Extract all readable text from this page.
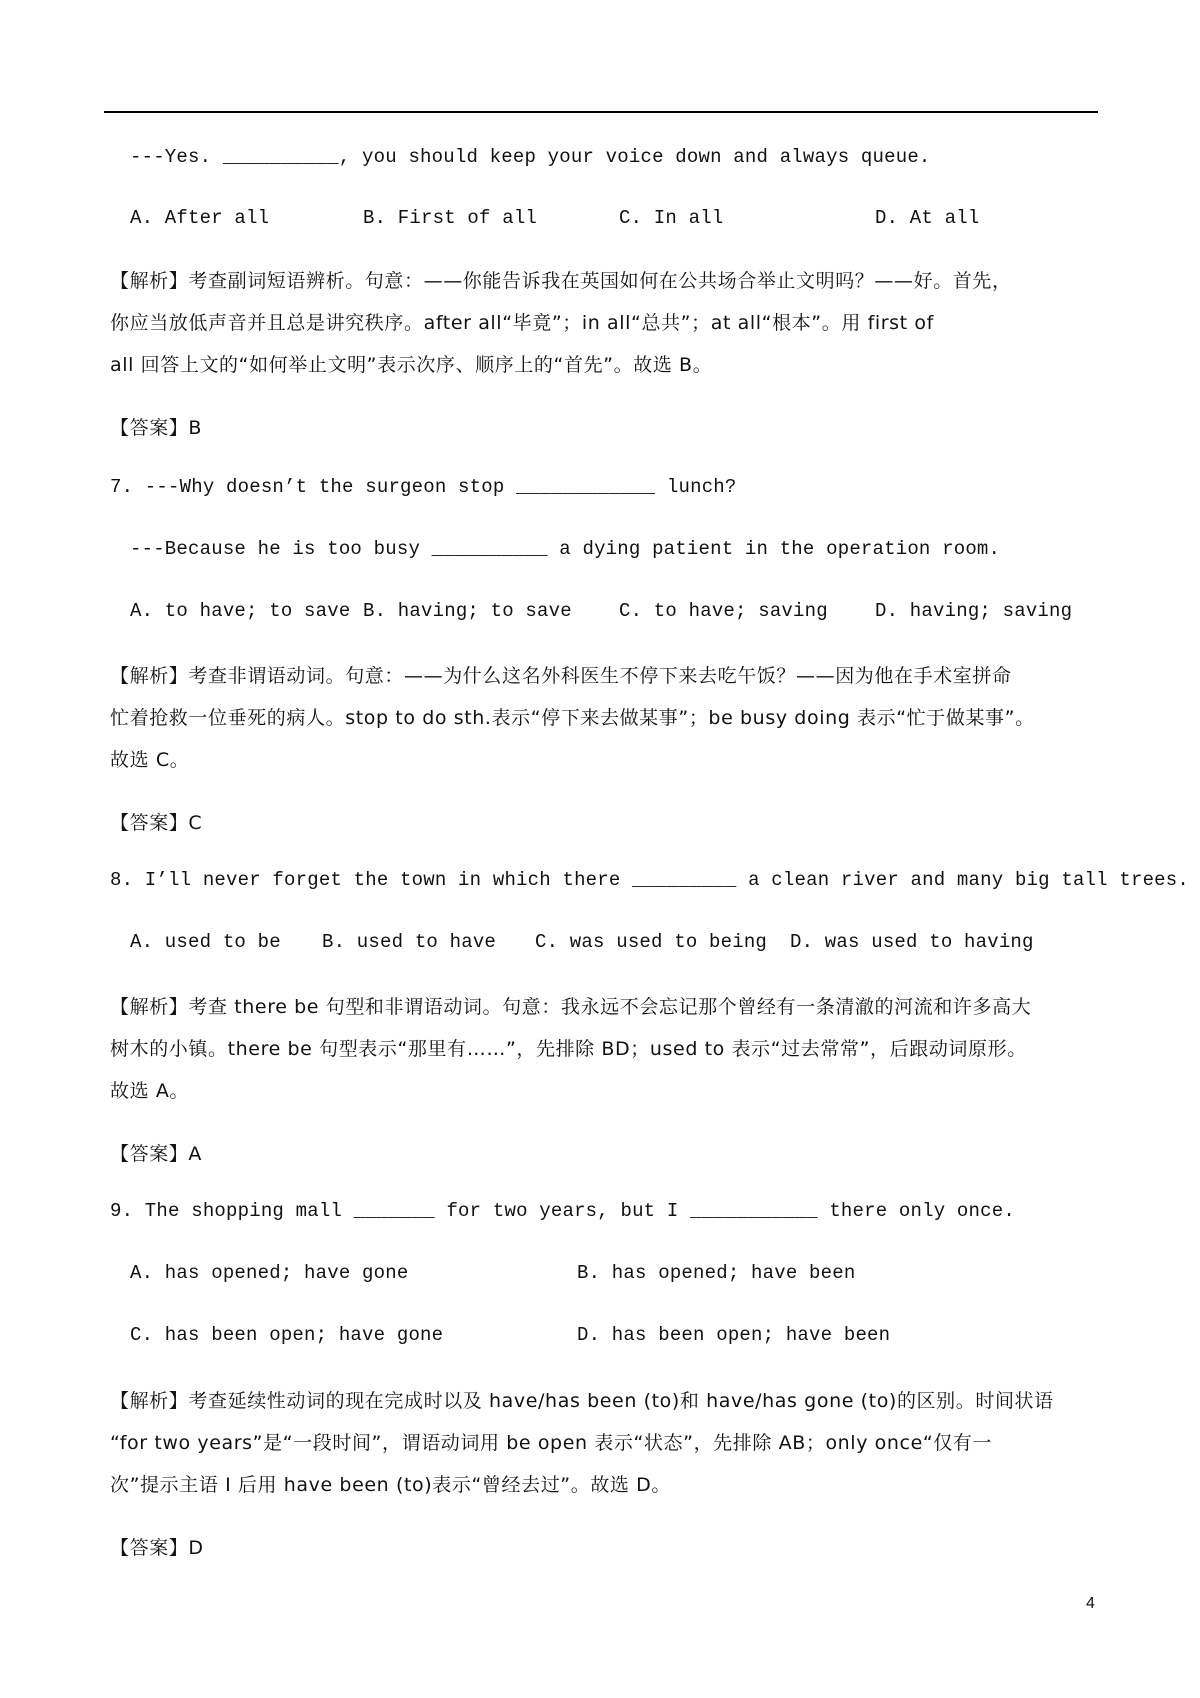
---Yes. __________, you should keep your voice down and always queue.
A. After all	B. First of all	C. In all	D. At all
【解析】考查副词短语辨析。句意：——你能告诉我在英国如何在公共场合举止文明吗？——好。首先，
你应当放低声音并且总是讲究秩序。after all“毕竟”；in all“总共”；at all“根本”。用 first of
all 回答上文的“如何举止文明”表示次序、顺序上的“首先”。故选 B。
【答案】B
7. ---Why doesn’t the surgeon stop ____________ lunch?
---Because he is too busy __________ a dying patient in the operation room.
A. to have; to save B. having; to save C. to have; saving D. having; saving
【解析】考查非谓语动词。句意：——为什么这名外科医生不停下来去吃午饭？——因为他在手术室拼命
忙着抢救一位垂死的病人。stop to do sth.表示“停下来去做某事”；be busy doing 表示“忙于做某事”。
故选 C。
【答案】C
8. I’ll never forget the town in which there _________ a clean river and many big tall trees.
A. used to be B. used to have C. was used to being D. was used to having
【解析】考查 there be 句型和非谓语动词。句意：我永远不会忘记那个曾经有一条清澈的河流和许多高大
树木的小镇。there be 句型表示“那里有……”，先排除 BD；used to 表示“过去常常”，后跟动词原形。
故选 A。
【答案】A
9. The shopping mall _______ for two years, but I ___________ there only once.
A. has opened; have gone	B. has opened; have been
C. has been open; have gone	D. has been open; have been
【解析】考查延续性动词的现在完成时以及 have/has been (to)和 have/has gone (to)的区别。时间状语
“for two years”是“一段时间”，谓语动词用 be open 表示“状态”，先排除 AB；only once“仅有一
次”提示主语 I 后用 have been (to)表示“曾经去过”。故选 D。
【答案】D
4
